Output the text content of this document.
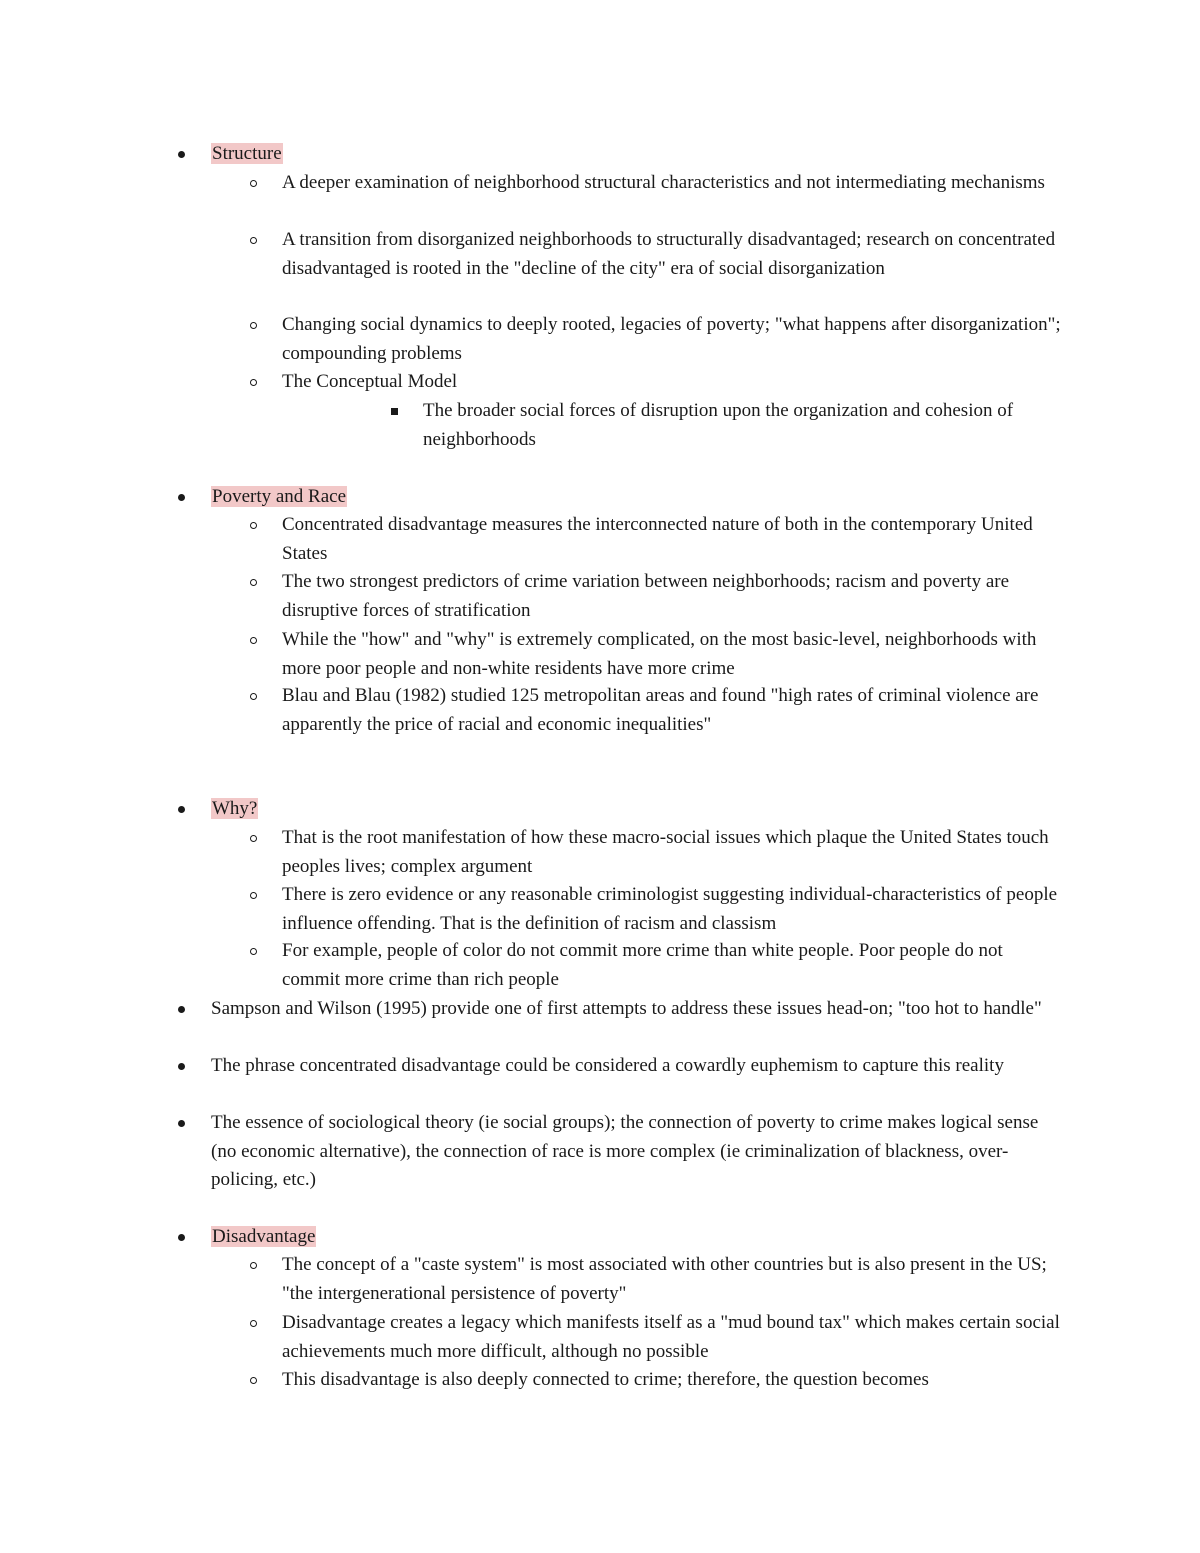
Structure
A deeper examination of neighborhood structural characteristics and not intermediating mechanisms
A transition from disorganized neighborhoods to structurally disadvantaged; research on concentrated disadvantaged is rooted in the "decline of the city" era of social disorganization
Changing social dynamics to deeply rooted, legacies of poverty; "what happens after disorganization"; compounding problems
The Conceptual Model
The broader social forces of disruption upon the organization and cohesion of neighborhoods
Poverty and Race
Concentrated disadvantage measures the interconnected nature of both in the contemporary United States
The two strongest predictors of crime variation between neighborhoods; racism and poverty are disruptive forces of stratification
While the "how" and "why" is extremely complicated, on the most basic-level, neighborhoods with more poor people and non-white residents have more crime
Blau and Blau (1982) studied 125 metropolitan areas and found "high rates of criminal violence are apparently the price of racial and economic inequalities"
Why?
That is the root manifestation of how these macro-social issues which plaque the United States touch peoples lives; complex argument
There is zero evidence or any reasonable criminologist suggesting individual-characteristics of people influence offending. That is the definition of racism and classism
For example, people of color do not commit more crime than white people. Poor people do not commit more crime than rich people
Sampson and Wilson (1995) provide one of first attempts to address these issues head-on; "too hot to handle"
The phrase concentrated disadvantage could be considered a cowardly euphemism to capture this reality
The essence of sociological theory (ie social groups); the connection of poverty to crime makes logical sense (no economic alternative), the connection of race is more complex (ie criminalization of blackness, over-policing, etc.)
Disadvantage
The concept of a "caste system" is most associated with other countries but is also present in the US; "the intergenerational persistence of poverty"
Disadvantage creates a legacy which manifests itself as a "mud bound tax" which makes certain social achievements much more difficult, although no possible
This disadvantage is also deeply connected to crime; therefore, the question becomes
